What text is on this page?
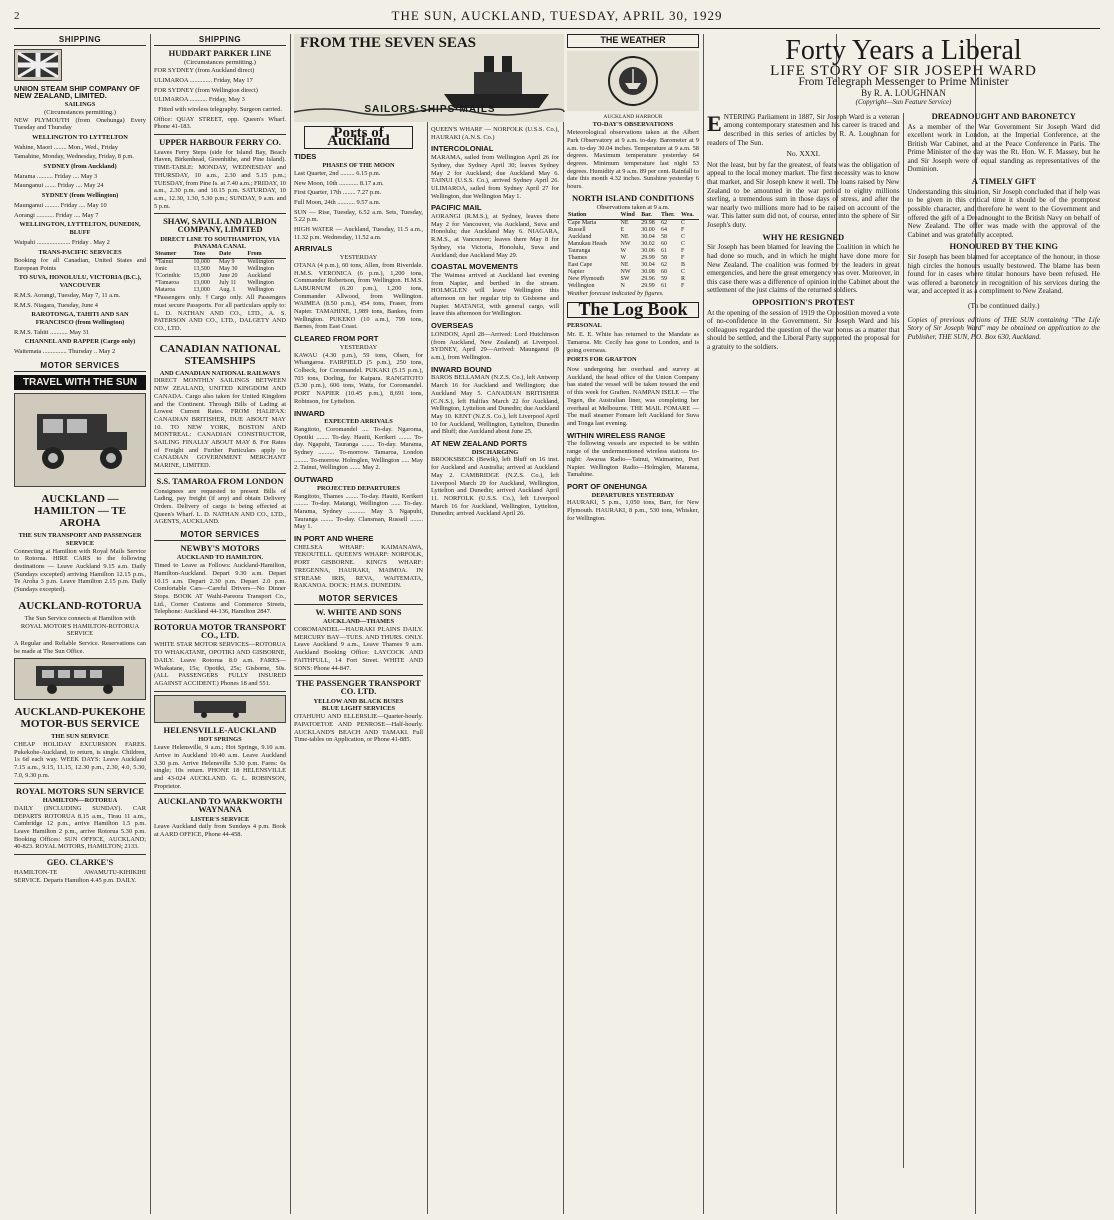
2	THE SUN, AUCKLAND, TUESDAY, APRIL 30, 1929
SHIPPING
UNION STEAM SHIP COMPANY OF NEW ZEALAND, LIMITED.
SAILINGS
(Circumstances permitting.)
NEW PLYMOUTH (from Onehunga) Every Tuesday and Thursday
WELLINGTON TO LYTTELTON
Wahine, Maori ........ Mon., Wed., Friday
Tamahine, Monday, Wednesday, Friday, 8 p.m.
SYDNEY (from Auckland)
Marama .......... Friday .... May 3
Maunganui ....... Friday .... May 24
SYDNEY (from Wellington)
Maunganui ......... Friday .... May 10
Aorangi ........... Friday .... May 7
WELLINGTON, LYTTELTON, DUNEDIN, BLUFF
Waipahi ..................... Friday . May 2
TRANS-PACIFIC SERVICES
Booking for all Canadian, United States and European Points
TO SUVA, HONOLULU, VICTORIA (B.C.), VANCOUVER
R.M.S. Aorangi, Tuesday, May 7, 11 a.m.
R.M.S. Niagara, Tuesday, June 4
RAROTONGA, TAHITI AND SAN FRANCISCO (from Wellington)
R.M.S. Tahiti ........... May 31
CHANNEL AND RAPPER (Cargo only)
Waitemata ............... Thursday .. May 2
MOTOR SERVICES
TRAVEL WITH THE SUN
AUCKLAND — HAMILTON — TE AROHA
THE SUN TRANSPORT AND PASSENGER SERVICE
Connecting at Hamilton with Royal Mails Service to Rotorua. HIRE CARS to the following destinations — Leave Auckland 9.15 a.m. Daily (Sundays excepted) arriving Hamilton 12.15 p.m., Te Aroha 3 p.m. Leave Hamilton 2.15 p.m. Daily (Sundays excepted).
AUCKLAND-ROTORUA
The Sun Service connects at Hamilton with ROYAL MOTOR'S HAMILTON-ROTORUA SERVICE
A Regular and Reliable Service. Reservations can be made at The Sun Office.
AUCKLAND-PUKEKOHE MOTOR-BUS SERVICE
THE SUN SERVICE
CHEAP HOLIDAY EXCURSION FARES. Pukekohe-Auckland, to return, is single. Children, 1s 6d each way. WEEK DAYS: Leave Auckland 7.15 a.m., 9.15, 11.15, 12.30 p.m., 2.30, 4.0, 5.30, 7.0, 9.30 p.m.
ROYAL MOTORS SUN SERVICE
HAMILTON—ROTORUA
DAILY (INCLUDING SUNDAY). CAR DEPARTS ROTORUA 8.15 a.m., Tirau 11 a.m., Cambridge 12 p.m., arrive Hamilton 1.5 p.m. Leave Hamilton 2 p.m., arrive Rotorua 5.30 p.m. Booking Offices: SUN OFFICE, AUCKLAND; 40-823. ROYAL MOTORS, HAMILTON; 2133.
GEO. CLARKE'S
HAMILTON-TE AWAMUTU-KIHIKIHI SERVICE. Departs Hamilton 4.45 p.m. DAILY.
SHIPPING
HUDDART PARKER LINE
(Circumstances permitting.)
FOR SYDNEY (from Auckland direct)
ULIMAROA .............. Friday, May 17
FOR SYDNEY (from Wellington direct)
ULIMAROA ........... Friday, May 3
Fitted with wireless telegraphy. Surgeon carried.
Office: QUAY STREET, opp. Queen's Wharf. Phone 41-183.
UPPER HARBOUR FERRY CO.
Leaves Ferry Steps (side for Island Bay, Beach Haven, Birkenhead, Greenhithe, and Pine Island). TIME-TABLE: MONDAY, WEDNESDAY and THURSDAY, 10 a.m., 2.30 and 5.15 p.m.; TUESDAY, from Pine Is. at 7.40 a.m.; FRIDAY, 10 a.m., 2.30 p.m. and 10.15 p.m. SATURDAY, 10 a.m., 12.30, 1.30, 5.30 p.m.; SUNDAY, 9 a.m. and 5 p.m.
SHAW, SAVILL AND ALBION COMPANY, LIMITED
DIRECT LINE TO SOUTHAMPTON, VIA PANAMA CANAL
Steamer	Tons	Date	From
*Tainui	10,000	May 9	Wellington
Ionic	13,500	May 30	Wellington
†Corinthic	15,000	June 20	Auckland
*Tamaroa	13,000	July 11	Wellington
Mataroa	13,000	Aug. 1	Wellington
*Passengers only. †Cargo only. All Passengers must secure Passports. For all particulars apply to: L. D. NATHAN AND CO., LTD., A. S. PATERSON AND CO., LTD., DALGETY AND CO., LTD.
CANADIAN NATIONAL STEAMSHIPS
AND CANADIAN NATIONAL RAILWAYS
DIRECT MONTHLY SAILINGS BETWEEN NEW ZEALAND, UNITED KINGDOM AND CANADA. Cargo also taken for United Kingdom and the Continent. Through Bills of Lading at Lowest Current Rates. FROM HALIFAX: CANADIAN BRITISHER, DUE ABOUT MAY 10. TO NEW YORK, BOSTON AND MONTREAL: CANADIAN CONSTRUCTOR, SAILING FINALLY ABOUT MAY 8. For Rates of Freight and Further Particulars apply to CANADIAN GOVERNMENT MERCHANT MARINE, LIMITED.
S.S. TAMAROA FROM LONDON
Consignees are requested to present Bills of Lading, pay freight (if any) and obtain Delivery Orders. Delivery of cargo is being effected at Queen's Wharf. L. D. NATHAN AND CO., LTD., AGENTS, AUCKLAND.
MOTOR SERVICES
NEWBY'S MOTORS
AUCKLAND TO HAMILTON.
Timed to Leave as Follows: Auckland-Hamilton, Hamilton-Auckland. Depart 9.30 a.m. Depart 10.15 a.m. Depart 2.30 p.m. Depart 2.0 p.m. Comfortable Cars—Careful Drivers—No Dinner Stops. BOOK AT Waihi-Pareora Transport Co., Ltd., Corner Customs and Commerce Streets, Telephone: Auckland 44-136, Hamilton 2847.
ROTORUA MOTOR TRANSPORT CO., LTD.
WHITE STAR MOTOR SERVICES—ROTORUA TO WHAKATANE, OPOTIKI AND GISBORNE, DAILY. Leave Rotorua 8.0 a.m. FARES—Whakatane, 15s; Opotiki, 25s; Gisborne, 50s. (ALL PASSENGERS FULLY INSURED AGAINST ACCIDENT.) Phones 18 and 551.
HELENSVILLE-AUCKLAND
HOT SPRINGS
Leave Helensville, 9 a.m.; Hot Springs, 9.10 a.m. Arrive in Auckland 10.40 a.m. Leave Auckland 3.30 p.m. Arrive Helensville 5.30 p.m. Fares: 6s single; 10s return. PHONE 18 HELENSVILLE and 43-024 AUCKLAND. G. L. ROBINSON, Proprietor.
AUCKLAND TO WARKWORTH WAYNANA
LISTER'S SERVICE
Leave Auckland daily from Sundays 4 p.m. Book at AARD OFFICE, Phone 44-458.
FROM THE SEVEN SEAS
SAILORS·SHIPS·MAILS
Ports of Auckland
TIDES
PHASES OF THE MOON
Last Quarter, 2nd ......... 6.15 p.m.
New Moon, 10th ............ 8.17 a.m.
First Quarter, 17th ........ 7.27 p.m.
Full Moon, 24th ........... 9.57 a.m.
SUN — Rise, Tuesday, 6.52 a.m. Sets, Tuesday, 5.22 p.m.
HIGH WATER — Auckland, Tuesday, 11.5 a.m., 11.32 p.m. Wednesday, 11.52 a.m.
ARRIVALS
YESTERDAY
OTANA (4 p.m.), 60 tons, Allen, from Riverdale. H.M.S. VERONICA (6 p.m.), 1,200 tons, Commander Robertson, from Wellington. H.M.S. LABURNUM (6.20 p.m.), 1,200 tons, Commander Allwood, from Wellington. WAIMEA (8.50 p.m.), 454 tons, Fraser, from Napier. TAMAHINE, 1,989 tons, Bankes, from Wellington. PUKEKO (10 a.m.), 799 tons, Barnes, from East Coast.
CLEARED FROM PORT
YESTERDAY
KAWAU (4.30 p.m.), 59 tons, Olsen, for Whangaroa. FAIRFIELD (5 p.m.), 250 tons, Colbeck, for Coromandel. PUKAKI (5.15 p.m.), 703 tons, Dorling, for Kaipara. RANGITOTO (5.30 p.m.), 606 tons, Watts, for Coromandel. PORT NAPIER (10.45 p.m.), 8,691 tons, Robinson, for Lyttelton.
INWARD
EXPECTED ARRIVALS
Rangitoto, Coromandel .... To-day. Ngaroma, Opotiki ........ To-day. Hauiti, Kerikeri ........ To-day. Ngapuhi, Tauranga ........ To-day. Marama, Sydney .......... To-morrow. Tamaroa, London ......... To-morrow. Holmglen, Wellington ..... May 2. Tainui, Wellington ....... May 2.
OUTWARD
PROJECTED DEPARTURES
Rangitoto, Thames ........ To-day. Hauiti, Kerikeri ......... To-day. Matangi, Wellington ...... To-day. Marama, Sydney ........... May 3. Ngapuhi, Tauranga ........ To-day. Clansman, Russell ........ May 1.
IN PORT AND WHERE
CHELSEA WHARF: KAIMANAWA, TEKOUTELL. QUEEN'S WHARF: NORFOLK, PORT GISBORNE. KING'S WHARF: TREGENNA, HAURAKI, MAIMOA. IN STREAM: IRIS, REVA, WAITEMATA, RAKANOA. DOCK: H.M.S. DUNEDIN.
MOTOR SERVICES
W. WHITE AND SONS
AUCKLAND—THAMES
COROMANDEL—HAURAKI PLAINS DAILY. MERCURY BAY—TUES. AND THURS. ONLY. Leave Auckland 9 a.m., Leave Thames 9 a.m. Auckland Booking Office: LAYCOCK AND FAITHFULL, 14 Fort Street. WHITE AND SONS: Phone 44-847.
THE PASSENGER TRANSPORT CO. LTD.
YELLOW AND BLACK BUSES
BLUE LIGHT SERVICES
OTAHUHU AND ELLERSLIE—Quarter-hourly. PAPATOETOE AND PENROSE—Half-hourly. AUCKLAND'S BEACH AND TAMAKI. Full Time-tables on Application, or Phone 41-885.
QUEEN'S WHARF — NORFOLK (U.S.S. Co.), HAURAKI (A.N.S. Co.)
INTERCOLONIAL
MARAMA, sailed from Wellington April 26 for Sydney, due Sydney April 30; leaves Sydney May 2 for Auckland; due Auckland May 6. TAINUI (U.S.S. Co.), arrived Sydney April 26. ULIMAROA, sailed from Sydney April 27 for Wellington, due Wellington May 1.
PACIFIC MAIL
AORANGI (R.M.S.), at Sydney, leaves there May 2 for Vancouver, via Auckland, Suva and Honolulu; due Auckland May 6. NIAGARA, R.M.S., at Vancouver; leaves there May 8 for Sydney, via Victoria, Honolulu, Suva and Auckland; due Auckland May 29.
COASTAL MOVEMENTS
The Waimea arrived at Auckland last evening from Napier, and berthed in the stream. HOLMGLEN will leave Wellington this afternoon on her regular trip to Gisborne and Napier. MATANGI, with general cargo, will leave this afternoon for Wellington.
OVERSEAS
LONDON, April 28—Arrived: Lord Hutchinson (from Auckland, New Zealand) at Liverpool. SYDNEY, April 29—Arrived: Maunganui (8 a.m.), from Wellington.
INWARD BOUND
BAROS BELLAMAN (N.Z.S. Co.), left Antwerp March 16 for Auckland and Wellington; due Auckland May 5. CANADIAN BRITISHER (C.N.S.), left Halifax March 22 for Auckland, Wellington, Lyttelton and Dunedin; due Auckland May 10. KENT (N.Z.S. Co.), left Liverpool April 10 for Auckland, Wellington, Lyttelton, Dunedin and Bluff; due Auckland about June 25.
AT NEW ZEALAND PORTS
DISCHARGING
BROOKSBECK (Bewik), left Bluff on 16 inst. for Auckland and Australia; arrived at Auckland May 2. CAMBRIDGE (N.Z.S. Co.), left Liverpool March 29 for Auckland, Wellington, Lyttelton and Dunedin; arrived Auckland April 11. NORFOLK (U.S.S. Co.), left Liverpool March 16 for Auckland, Wellington, Lyttelton, Dunedin; arrived Auckland April 26.
THE WEATHER
AUCKLAND HARBOUR
TO-DAY'S OBSERVATIONS
Meteorological observations taken at the Albert Park Observatory at 9 a.m. to-day. Barometer at 9 a.m. to-day 30.04 inches. Temperature at 9 a.m. 58 degrees. Maximum temperature yesterday 64 degrees. Minimum temperature last night 53 degrees. Humidity at 9 a.m. 89 per cent. Rainfall to date this month 4.32 inches. Sunshine yesterday 6 hours.
NORTH ISLAND CONDITIONS
Observations taken at 9 a.m.
Station	Wind	Bar.	Ther.	Wea.
Cape Maria	NE	29.98	62	C
Russell	E	30.00	64	F
Auckland	NE	30.04	58	C
Manukau Heads	NW	30.02	60	C
Tauranga	W	30.06	61	F
Thames	W	29.99	58	F
East Cape	NE	30.04	62	B
Napier	NW	30.08	60	C
New Plymouth	SW	29.96	59	R
Wellington	N	29.99	61	F
Weather forecast indicated by figures.
The Log Book
PERSONAL
Mr. E. E. White has returned to the Mandate as Tamaroa. Mr. Cecily has gone to London, and is going overseas.
PORTS FOR GRAFTON
Now undergoing her overhaul and survey at Auckland, the head office of the Union Company has stated the vessel will be taken toward the end of this week for Graften. NAMPAN ISELE — The Tegen, the Australian liner, was completing her overhaul at Melbourne. THE MAIL FOMARE — The mail steamer Fomare left Auckland for Suva and Tonga last evening.
WITHIN WIRELESS RANGE
The following vessels are expected to be within range of the undermentioned wireless stations to-night: Awarua Radio—Tainui, Waimarino, Port Napier. Wellington Radio—Holmglen, Marama, Tamahine.
PORT OF ONEHUNGA
DEPARTURES YESTERDAY
HAURAKI, 5 p.m., 1,050 tons, Barr, for New Plymouth. HAURAKI, 8 p.m., 530 tons, Whisker, for Wellington.
Forty Years a Liberal
LIFE STORY OF SIR JOSEPH WARD
From Telegraph Messenger to Prime Minister
By R. A. LOUGHNAN
(Copyright—Sun Feature Service)
ENTERING Parliament in 1887, Sir Joseph Ward is a veteran among contemporary statesmen and his career is traced and described in this series of articles by R. A. Loughnan for readers of The Sun.
No. XXXI.
Not the least, but by far the greatest, of feats was the obligation of appeal to the local money market. The first necessity was to know that market, and Sir Joseph knew it well. The loans raised by New Zealand to be amounted in the war period to eighty millions sterling, a tremendous sum in those days of stress, and after the war nearly two millions more had to be raised on account of the war. This latter sum did not, of course, enter into the sphere of Sir Joseph's duty.
WHY HE RESIGNED
Sir Joseph has been blamed for leaving the Coalition in which he had done so much, and in which he might have done more for New Zealand. The coalition was formed by the leaders in great emergencies, and here the great emergency was over. Moreover, in this case there was a difference of opinion in the Cabinet about the settlement of the just claims of the returned soldiers.
OPPOSITION'S PROTEST
At the opening of the session of 1919 the Opposition moved a vote of no-confidence in the Government. Sir Joseph Ward and his colleagues regarded the question of the war bonus as a matter that should be settled, and the Liberal Party supported the proposal for a gratuity to the soldiers.
DREADNOUGHT AND BARONETCY
As a member of the War Government Sir Joseph Ward did excellent work in London, at the Imperial Conference, at the British War Cabinet, and at the Peace Conference in Paris. The Prime Minister of the day was the Rt. Hon. W. F. Massey, but he and Sir Joseph were of equal standing as representatives of the Dominion.
A TIMELY GIFT
Understanding this situation, Sir Joseph concluded that if help was to be given in this critical time it should be of the promptest possible character, and therefore he went to the Government and offered the gift of a Dreadnought to the British Navy on behalf of New Zealand. The offer was made with the approval of the Cabinet and was gratefully accepted.
HONOURED BY THE KING
Sir Joseph has been blamed for acceptance of the honour, in those high circles the honours usually bestowed. The blame has been found for in cases where titular honours have been refused. He was offered a baronetcy in recognition of his services during the war, and accepted it as a compliment to New Zealand.
(To be continued daily.)
Copies of previous editions of THE SUN containing "The Life Story of Sir Joseph Ward" may be obtained on application to the Publisher, THE SUN, P.O. Box 630, Auckland.
